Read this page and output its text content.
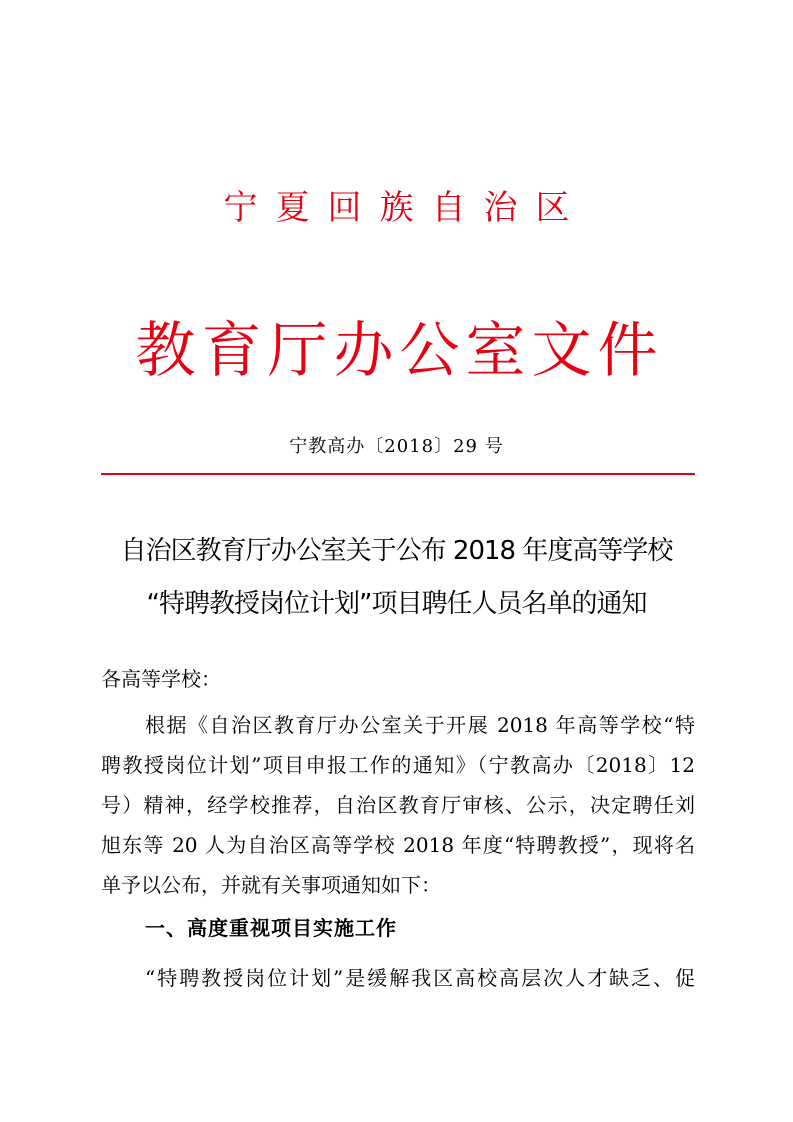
宁夏回族自治区
教育厅办公室文件
宁教高办〔2018〕29 号
自治区教育厅办公室关于公布 2018 年度高等学校
“特聘教授岗位计划”项目聘任人员名单的通知
各高等学校：
根据《自治区教育厅办公室关于开展 2018 年高等学校“特
聘教授岗位计划”项目申报工作的通知》（宁教高办〔2018〕12
号）精神，经学校推荐，自治区教育厅审核、公示，决定聘任刘
旭东等 20 人为自治区高等学校 2018 年度“特聘教授”，现将名
单予以公布，并就有关事项通知如下：
一、高度重视项目实施工作
“特聘教授岗位计划”是缓解我区高校高层次人才缺乏、促
